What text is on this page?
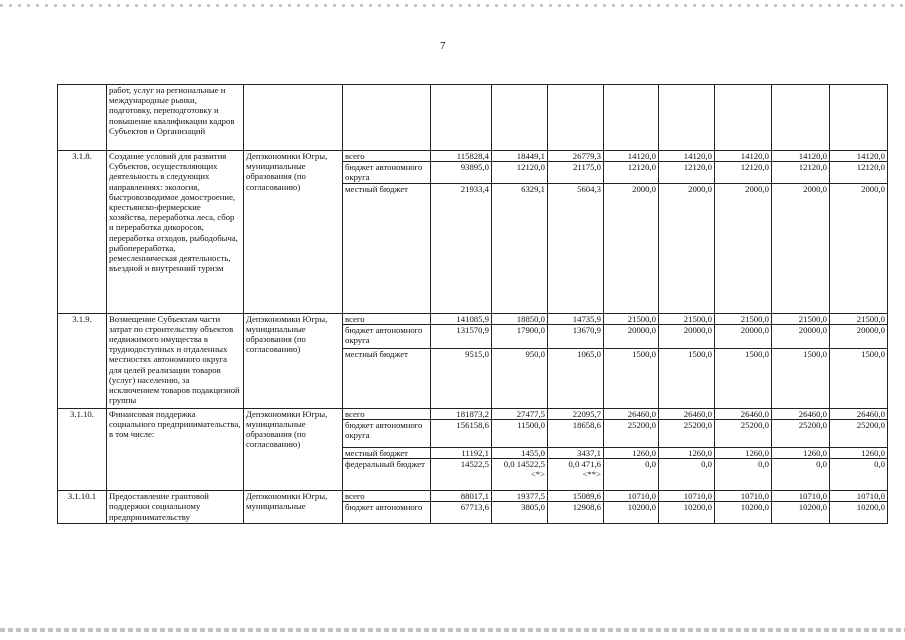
7
	работ, услуг на региональные и международные рынки, подготовку, переподготовку и повышение квалификации кадров Субъектов и Организаций										
3.1.8.	Создание условий для развития Субъектов, осуществляющих деятельность в следующих направлениях: экология, быстровозводимое домостроение, крестьянско-фермерские хозяйства, переработка леса, сбор и переработка дикоросов, переработка отходов, рыбодобыча, рыбопереработка, ремесленническая деятельность, въездной и внутренний туризм	Депэкономики Югры, муниципальные образования (по согласованию)	всего	115828,4	18449,1	26779,3	14120,0	14120,0	14120,0	14120,0	14120,0
			бюджет автономного округа	93895,0	12120,0	21175,0	12120,0	12120,0	12120,0	12120,0	12120,0
			местный бюджет	21933,4	6329,1	5604,3	2000,0	2000,0	2000,0	2000,0	2000,0
3.1.9.	Возмещение Субъектам части затрат по строительству объектов недвижимого имущества в труднодоступных и отдаленных местностях автономного округа для целей реализации товаров (услуг) населению, за исключением товаров подакцизной группы	Депэкономики Югры, муниципальные образования (по согласованию)	всего	141085,9	18850,0	14735,9	21500,0	21500,0	21500,0	21500,0	21500,0
			бюджет автономного округа	131570,9	17900,0	13670,9	20000,0	20000,0	20000,0	20000,0	20000,0
			местный бюджет	9515,0	950,0	1065,0	1500,0	1500,0	1500,0	1500,0	1500,0
3.1.10.	Финансовая поддержка социального предпринимательства, в том числе:	Депэкономики Югры, муниципальные образования (по согласованию)	всего	181873,2	27477,5	22095,7	26460,0	26460,0	26460,0	26460,0	26460,0
			бюджет автономного округа	156158,6	11500,0	18658,6	25200,0	25200,0	25200,0	25200,0	25200,0
			местный бюджет	11192,1	1455,0	3437,1	1260,0	1260,0	1260,0	1260,0	1260,0
			федеральный бюджет	14522,5	0,0 14522,5 <*>	0,0 471,6 <**>	0,0	0,0	0,0	0,0	0,0
3.1.10.1	Предоставление грантовой поддержки социальному предпринимательству	Депэкономики Югры, муниципальные	всего	88017,1	19377,5	15089,6	10710,0	10710,0	10710,0	10710,0	10710,0
			бюджет автономного	67713,6	3805,0	12908,6	10200,0	10200,0	10200,0	10200,0	10200,0
